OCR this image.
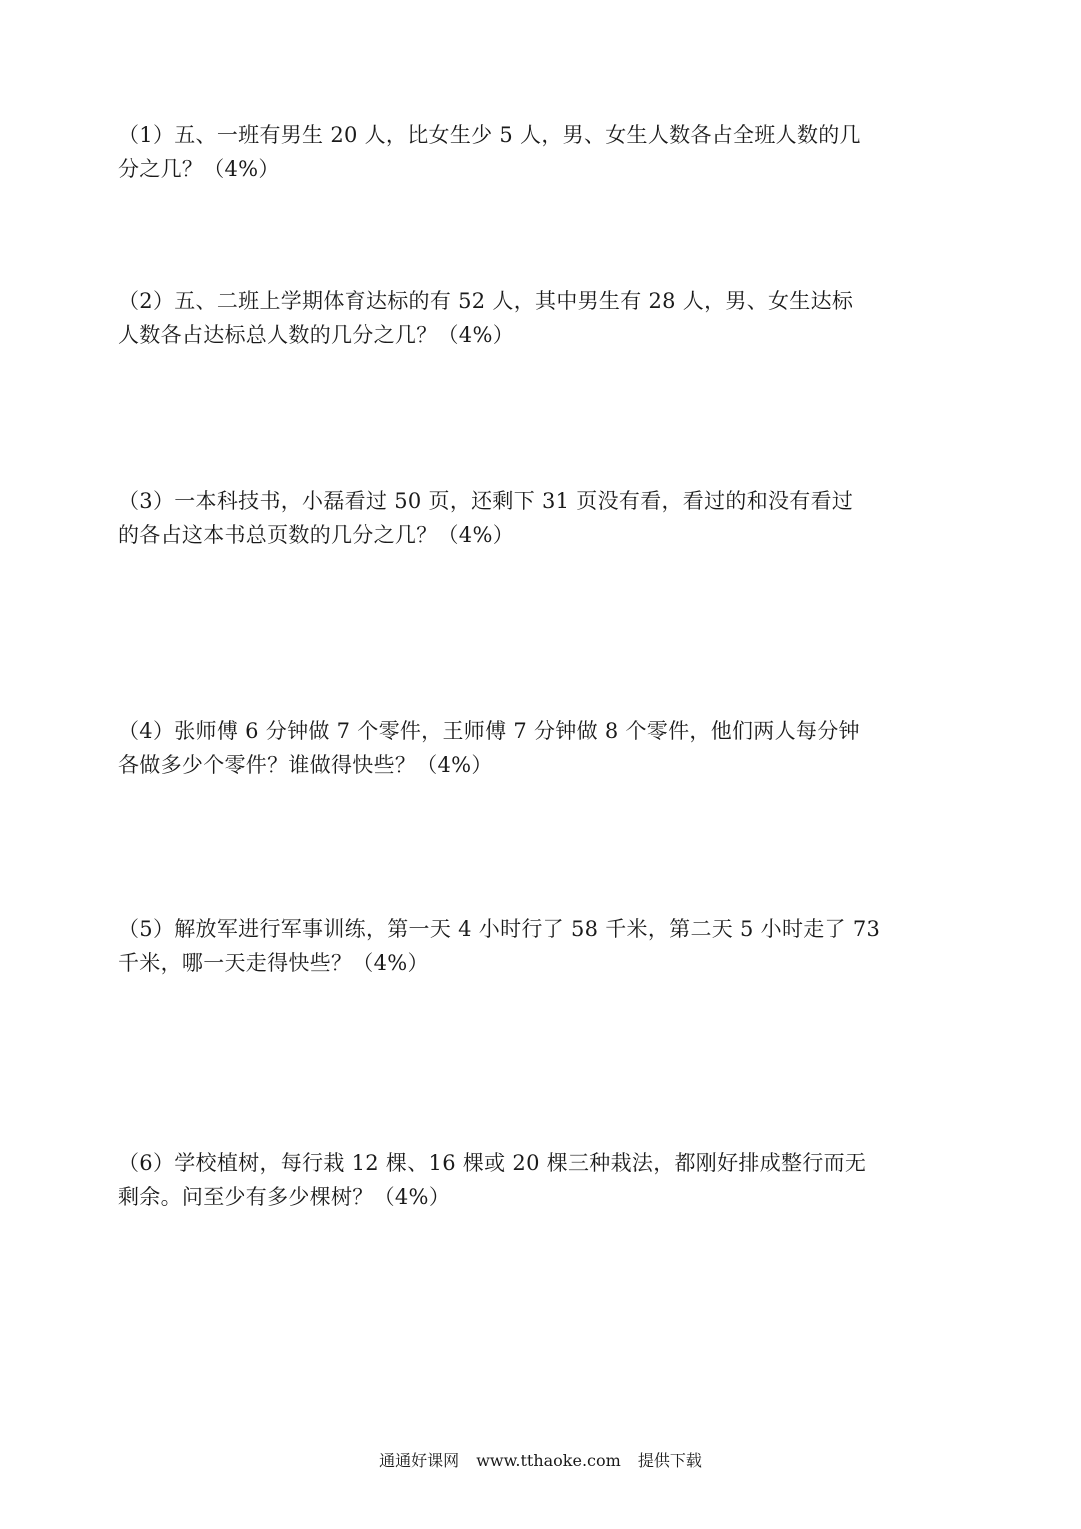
（1）五、一班有男生 20 人，比女生少 5 人，男、女生人数各占全班人数的几
分之几？（4%）

（2）五、二班上学期体育达标的有 52 人，其中男生有 28 人，男、女生达标
人数各占达标总人数的几分之几？（4%）

（3）一本科技书，小磊看过 50 页，还剩下 31 页没有看，看过的和没有看过
的各占这本书总页数的几分之几？（4%）

（4）张师傅 6 分钟做 7 个零件，王师傅 7 分钟做 8 个零件，他们两人每分钟
各做多少个零件？谁做得快些？（4%）

（5）解放军进行军事训练，第一天 4 小时行了 58 千米，第二天 5 小时走了 73
千米，哪一天走得快些？（4%）

（6）学校植树，每行栽 12 棵、16 棵或 20 棵三种栽法，都刚好排成整行而无
剩余。问至少有多少棵树？（4%）

通通好课网 www.tthaoke.com 提供下载
